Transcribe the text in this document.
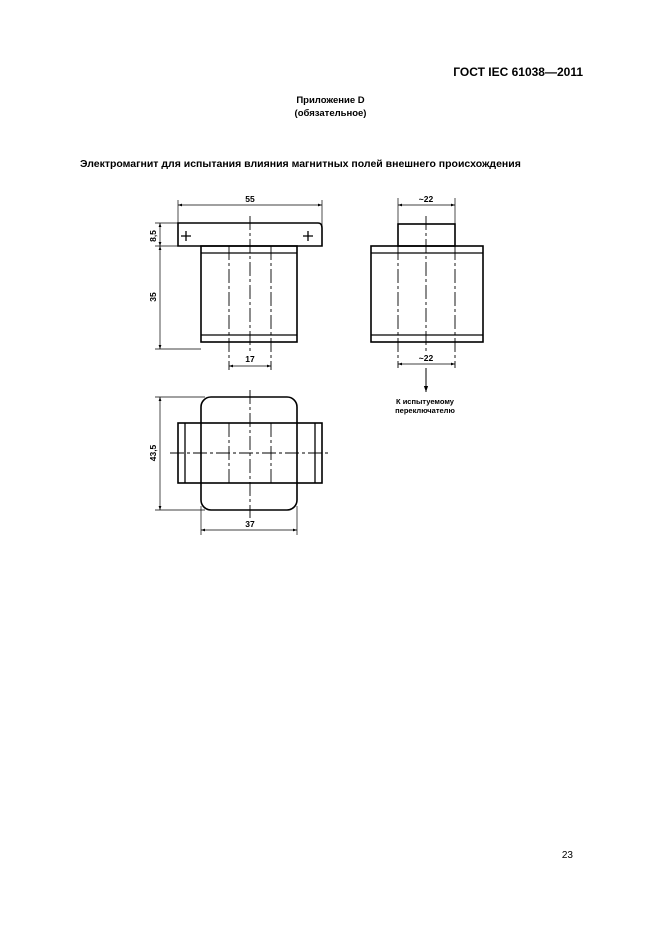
ГОСТ IEC 61038—2011
Приложение D
(обязательное)
Электромагнит для испытания влияния магнитных полей внешнего происхождения
55
8,5
35
17
~22
~22
К испытуемому
переключателю
43,5
37
23
